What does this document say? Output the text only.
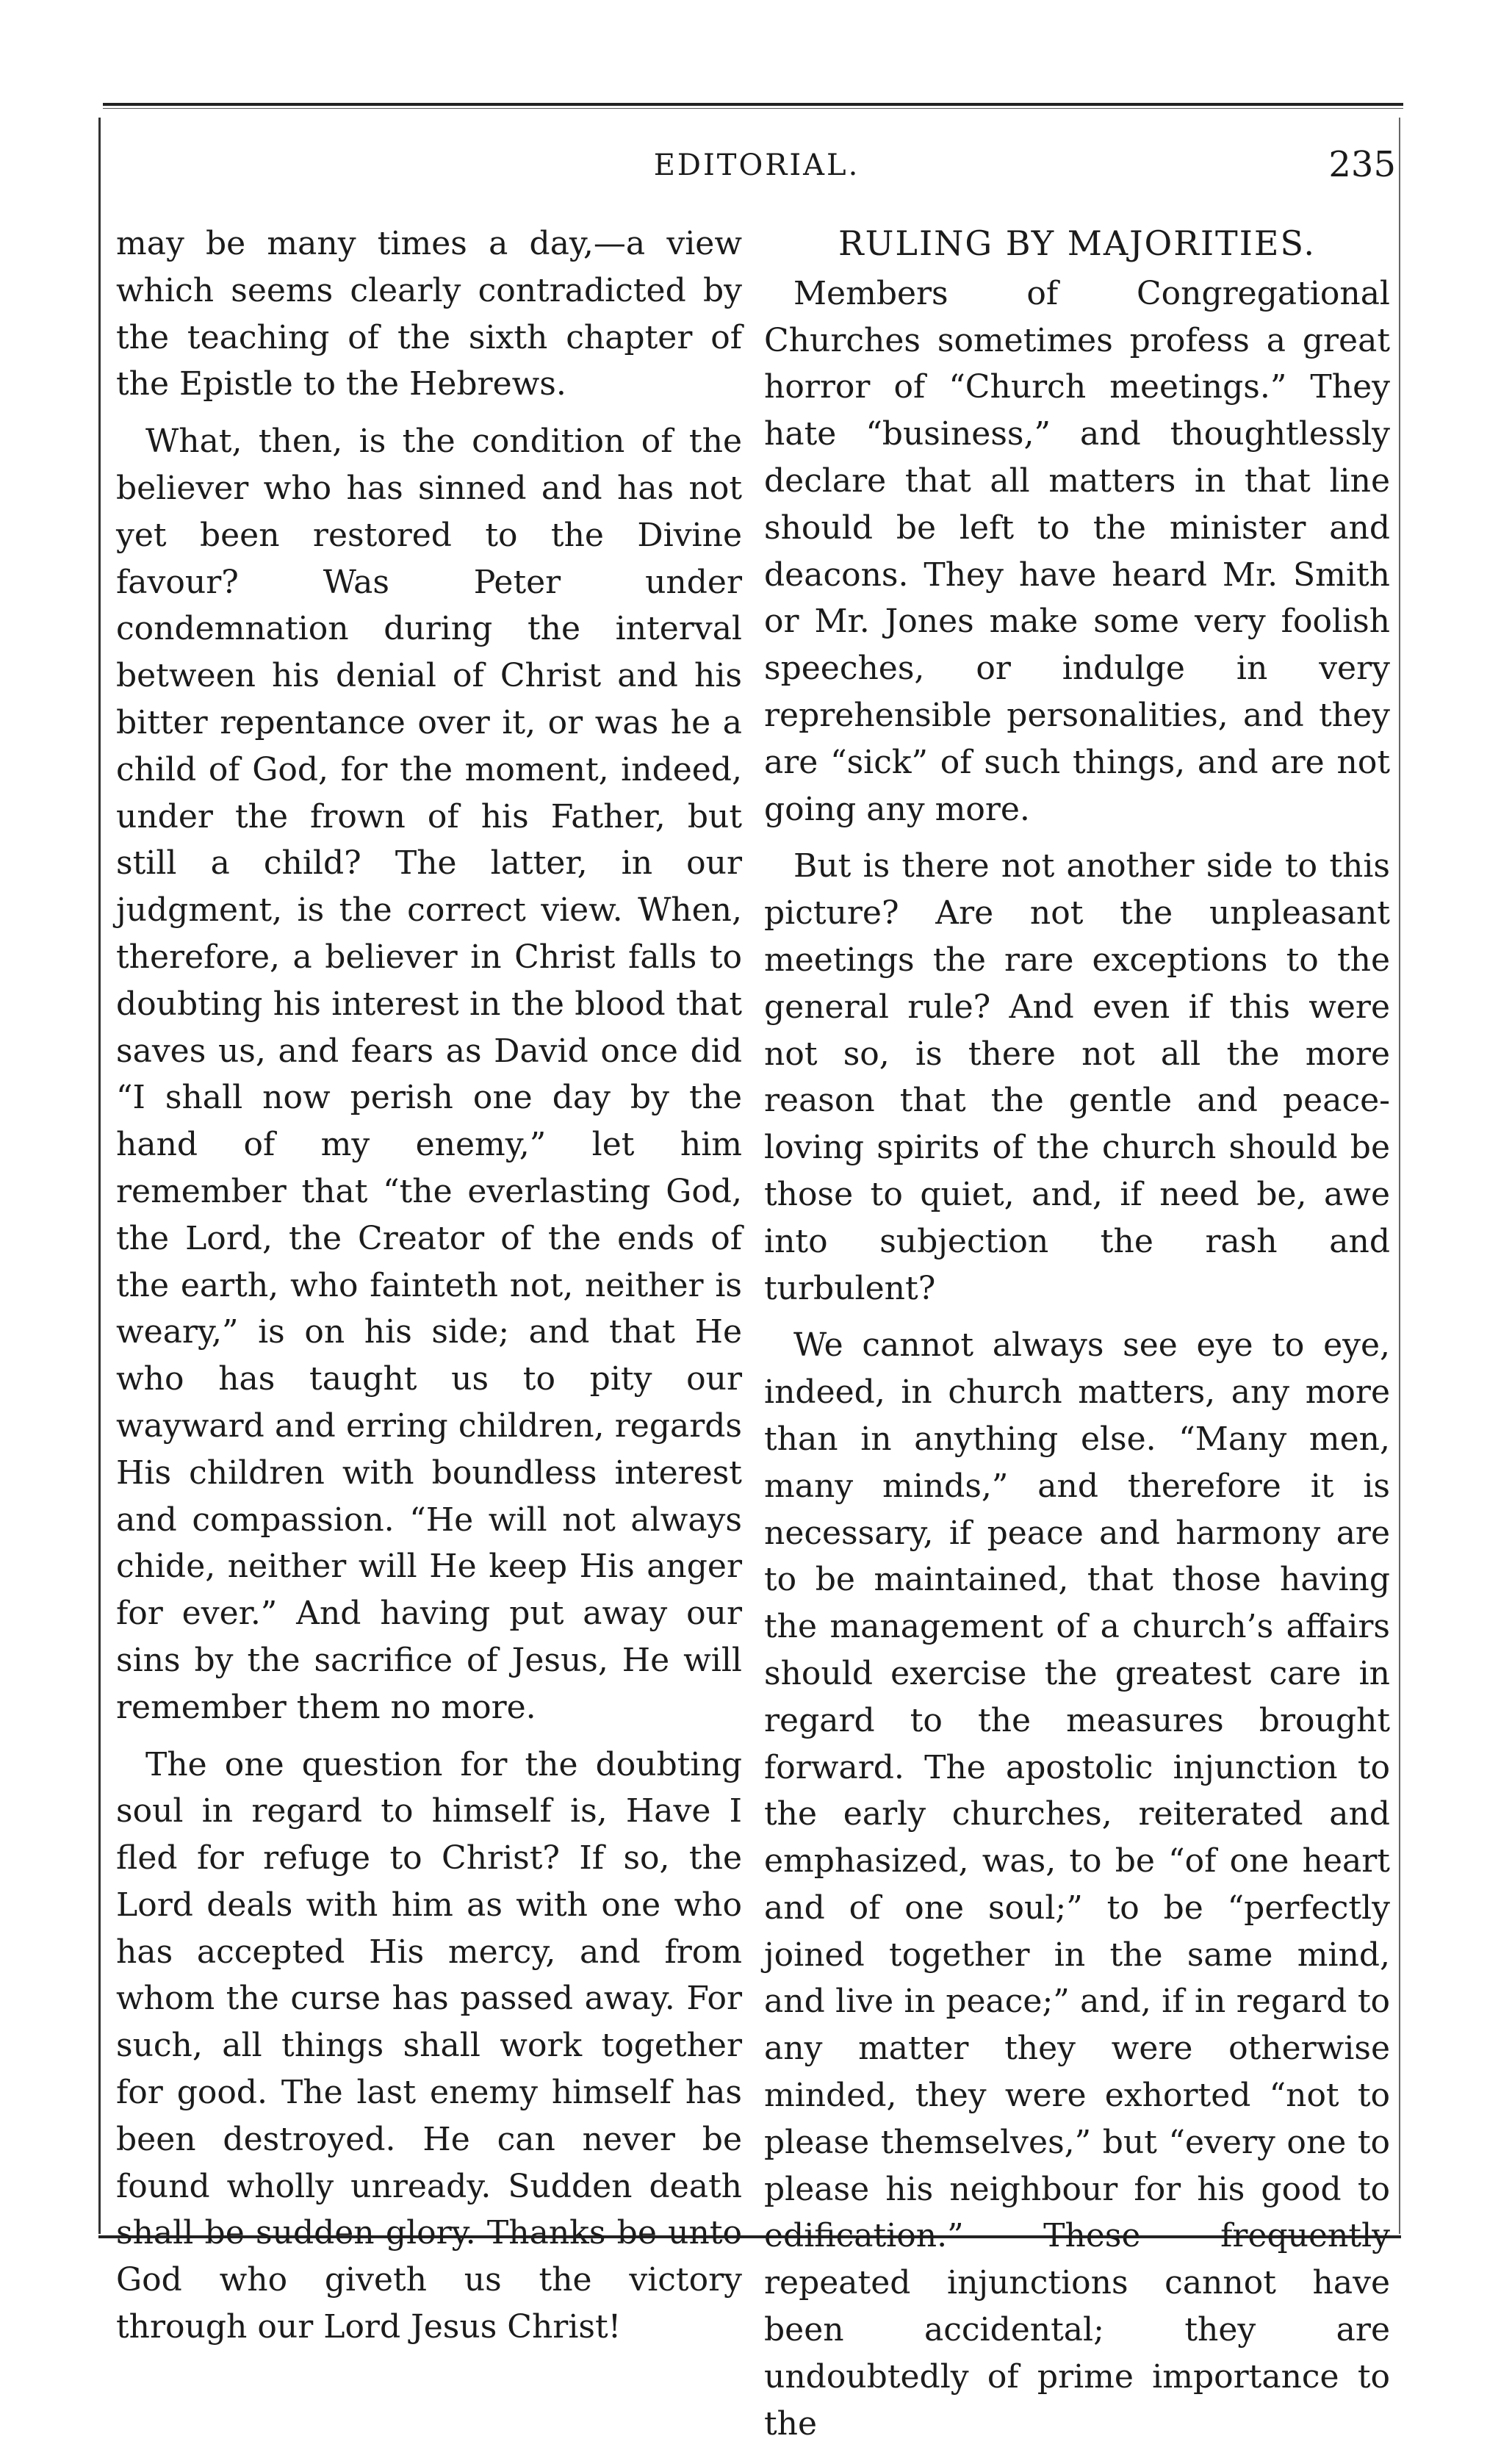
EDITORIAL.	235

may be many times a day,—a view which seems clearly contradicted by the teaching of the sixth chapter of the Epistle to the Hebrews.

What, then, is the condition of the believer who has sinned and has not yet been restored to the Divine favour? Was Peter under condemnation during the interval between his denial of Christ and his bitter repentance over it, or was he a child of God, for the moment, indeed, under the frown of his Father, but still a child? The latter, in our judgment, is the correct view. When, therefore, a believer in Christ falls to doubting his interest in the blood that saves us, and fears as David once did “I shall now perish one day by the hand of my enemy,” let him remember that “the everlasting God, the Lord, the Creator of the ends of the earth, who fainteth not, neither is weary,” is on his side; and that He who has taught us to pity our wayward and erring children, regards His children with boundless interest and compassion. “He will not always chide, neither will He keep His anger for ever.” And having put away our sins by the sacrifice of Jesus, He will remember them no more.

The one question for the doubting soul in regard to himself is, Have I fled for refuge to Christ? If so, the Lord deals with him as with one who has accepted His mercy, and from whom the curse has passed away. For such, all things shall work together for good. The last enemy himself has been destroyed. He can never be found wholly unready. Sudden death shall be sudden glory. Thanks be unto God who giveth us the victory through our Lord Jesus Christ!

RULING BY MAJORITIES.

Members of Congregational Churches sometimes profess a great horror of “Church meetings.” They hate “business,” and thoughtlessly declare that all matters in that line should be left to the minister and deacons. They have heard Mr. Smith or Mr. Jones make some very foolish speeches, or indulge in very reprehensible personalities, and they are “sick” of such things, and are not going any more.

But is there not another side to this picture? Are not the unpleasant meetings the rare exceptions to the general rule? And even if this were not so, is there not all the more reason that the gentle and peace-loving spirits of the church should be those to quiet, and, if need be, awe into subjection the rash and turbulent?

We cannot always see eye to eye, indeed, in church matters, any more than in anything else. “Many men, many minds,” and therefore it is necessary, if peace and harmony are to be maintained, that those having the management of a church’s affairs should exercise the greatest care in regard to the measures brought forward. The apostolic injunction to the early churches, reiterated and emphasized, was, to be “of one heart and of one soul;” to be “perfectly joined together in the same mind, and live in peace;” and, if in regard to any matter they were otherwise minded, they were exhorted “not to please themselves,” but “every one to please his neighbour for his good to edification.” These frequently repeated injunctions cannot have been accidental; they are undoubtedly of prime importance to the
